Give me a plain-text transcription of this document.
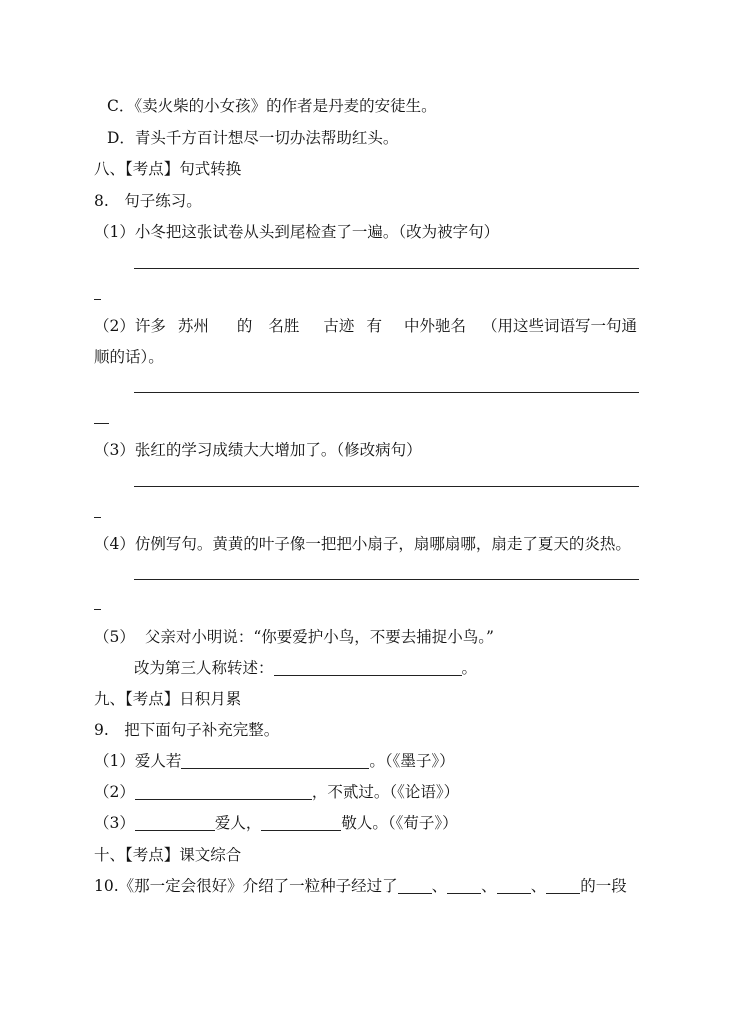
C．《卖火柴的小女孩》的作者是丹麦的安徒生。
D．青头千方百计想尽一切办法帮助红头。
八、【考点】句式转换
8.　句子练习。
（1）小冬把这张试卷从头到尾检查了一遍。（改为被字句）
（2）许多 苏州 的 名胜 古迹 有 中外驰名 （用这些词语写一句通
顺的话）。
（3）张红的学习成绩大大增加了。（修改病句）
（4）仿例写句。黄黄的叶子像一把把小扇子，扇哪扇哪，扇走了夏天的炎热。
（5） 父亲对小明说：“你要爱护小鸟，不要去捕捉小鸟。”
改为第三人称转述：	。
九、【考点】日积月累
9.　把下面句子补充完整。
（1）爱人若	。（《墨子》）
（2）	，不贰过。（《论语》）
（3）	爱人，	敬人。（《荀子》）
十、【考点】课文综合
10.《那一定会很好》介绍了一粒种子经过了 、 、 、 的一段
